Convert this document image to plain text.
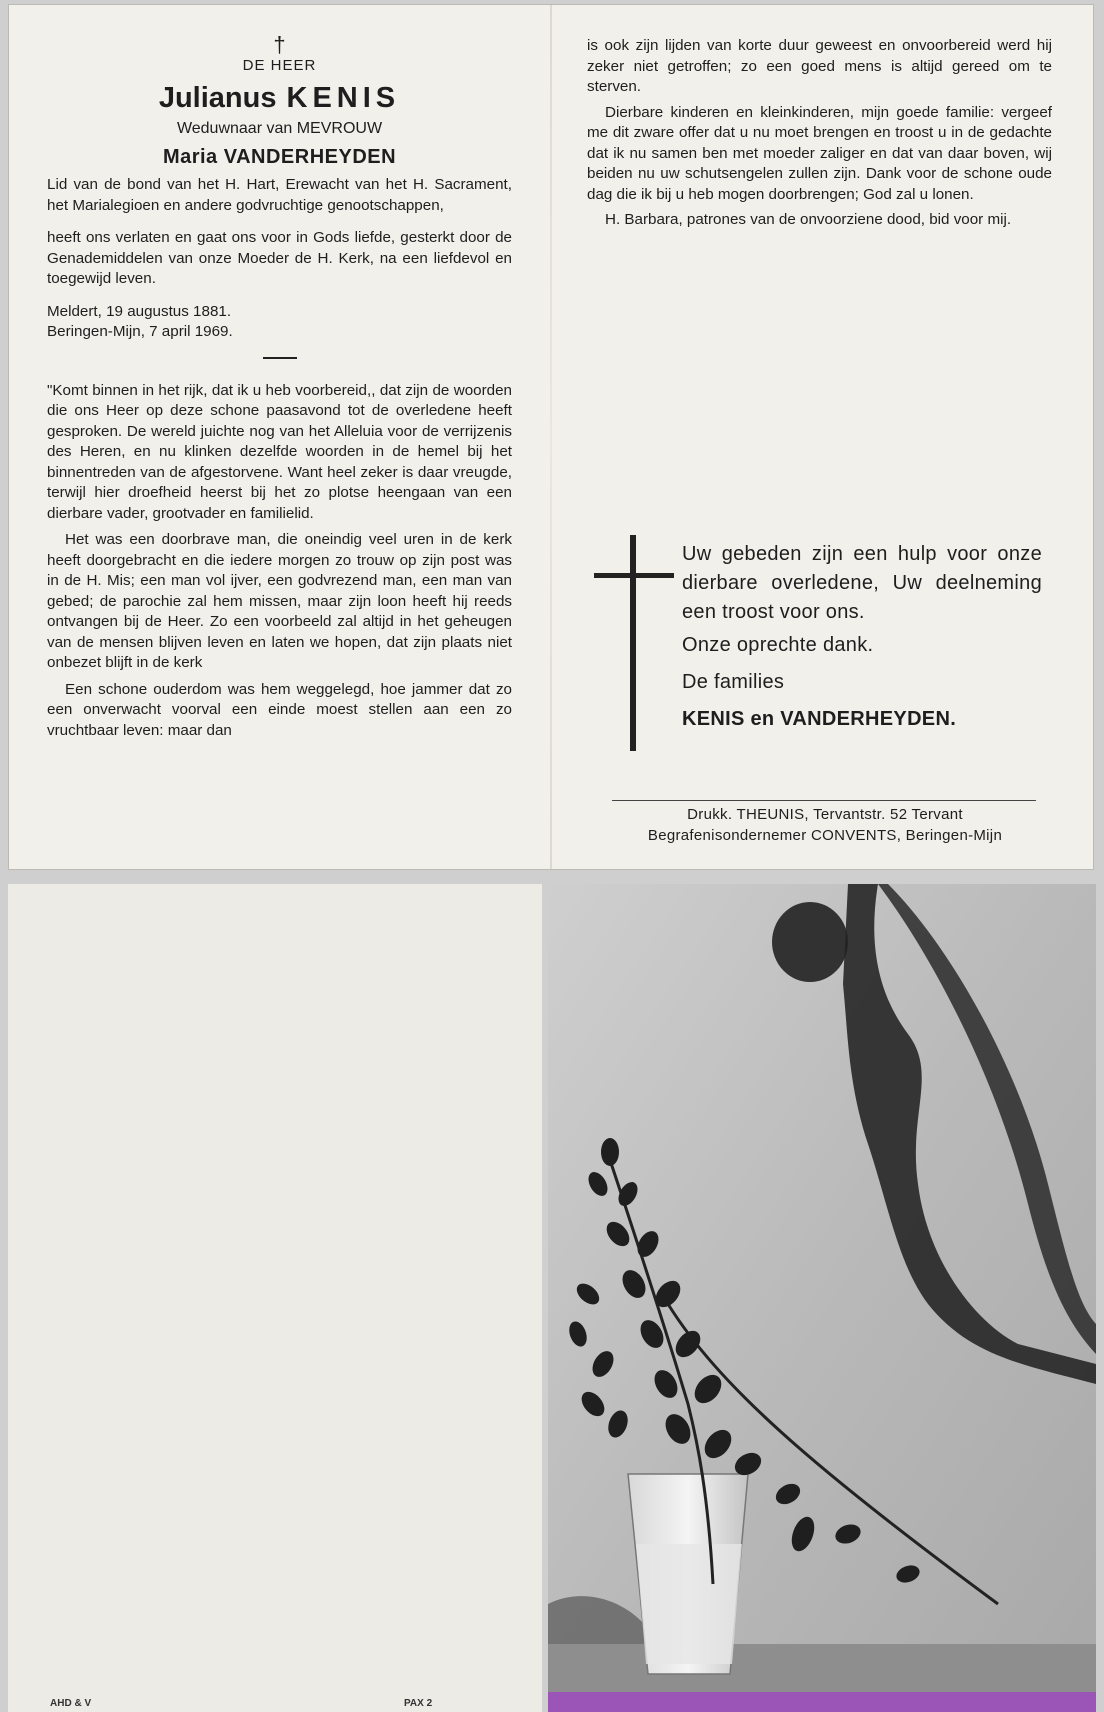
†
DE HEER
Julianus KENIS
Weduwnaar van MEVROUW
Maria VANDERHEYDEN

Lid van de bond van het H. Hart, Erewacht van het H. Sacrament, het Marialegioen en andere godvruchtige genootschappen,

heeft ons verlaten en gaat ons voor in Gods liefde, gesterkt door de Genademiddelen van onze Moeder de H. Kerk, na een liefdevol en toegewijd leven.

Meldert, 19 augustus 1881.

Beringen-Mijn, 7 april 1969.

"Komt binnen in het rijk, dat ik u heb voorbereid,, dat zijn de woorden die ons Heer op deze schone paasavond tot de overledene heeft gesproken. De wereld juichte nog van het Alleluia voor de verrijzenis des Heren, en nu klinken dezelfde woorden in de hemel bij het binnentreden van de afgestorvene. Want heel zeker is daar vreugde, terwijl hier droefheid heerst bij het zo plotse heengaan van een dierbare vader, grootvader en familielid.

Het was een doorbrave man, die oneindig veel uren in de kerk heeft doorgebracht en die iedere morgen zo trouw op zijn post was in de H. Mis; een man vol ijver, een godvrezend man, een man van gebed; de parochie zal hem missen, maar zijn loon heeft hij reeds ontvangen bij de Heer. Zo een voorbeeld zal altijd in het geheugen van de mensen blijven leven en laten we hopen, dat zijn plaats niet onbezet blijft in de kerk

Een schone ouderdom was hem weggelegd, hoe jammer dat zo een onverwacht voorval een einde moest stellen aan een zo vruchtbaar leven: maar dan

is ook zijn lijden van korte duur geweest en onvoorbereid werd hij zeker niet getroffen; zo een goed mens is altijd gereed om te sterven.

Dierbare kinderen en kleinkinderen, mijn goede familie: vergeef me dit zware offer dat u nu moet brengen en troost u in de gedachte dat ik nu samen ben met moeder zaliger en dat van daar boven, wij beiden nu uw schutsengelen zullen zijn. Dank voor de schone oude dag die ik bij u heb mogen doorbrengen; God zal u lonen.

H. Barbara, patrones van de onvoorziene dood, bid voor mij.

Uw gebeden zijn een hulp voor onze dierbare overledene, Uw deelneming een troost voor ons.

Onze oprechte dank.

De families

KENIS en VANDERHEYDEN.

Drukk. THEUNIS, Tervantstr. 52 Tervant

Begrafenisondernemer CONVENTS, Beringen-Mijn

AHD & V	PAX 2
